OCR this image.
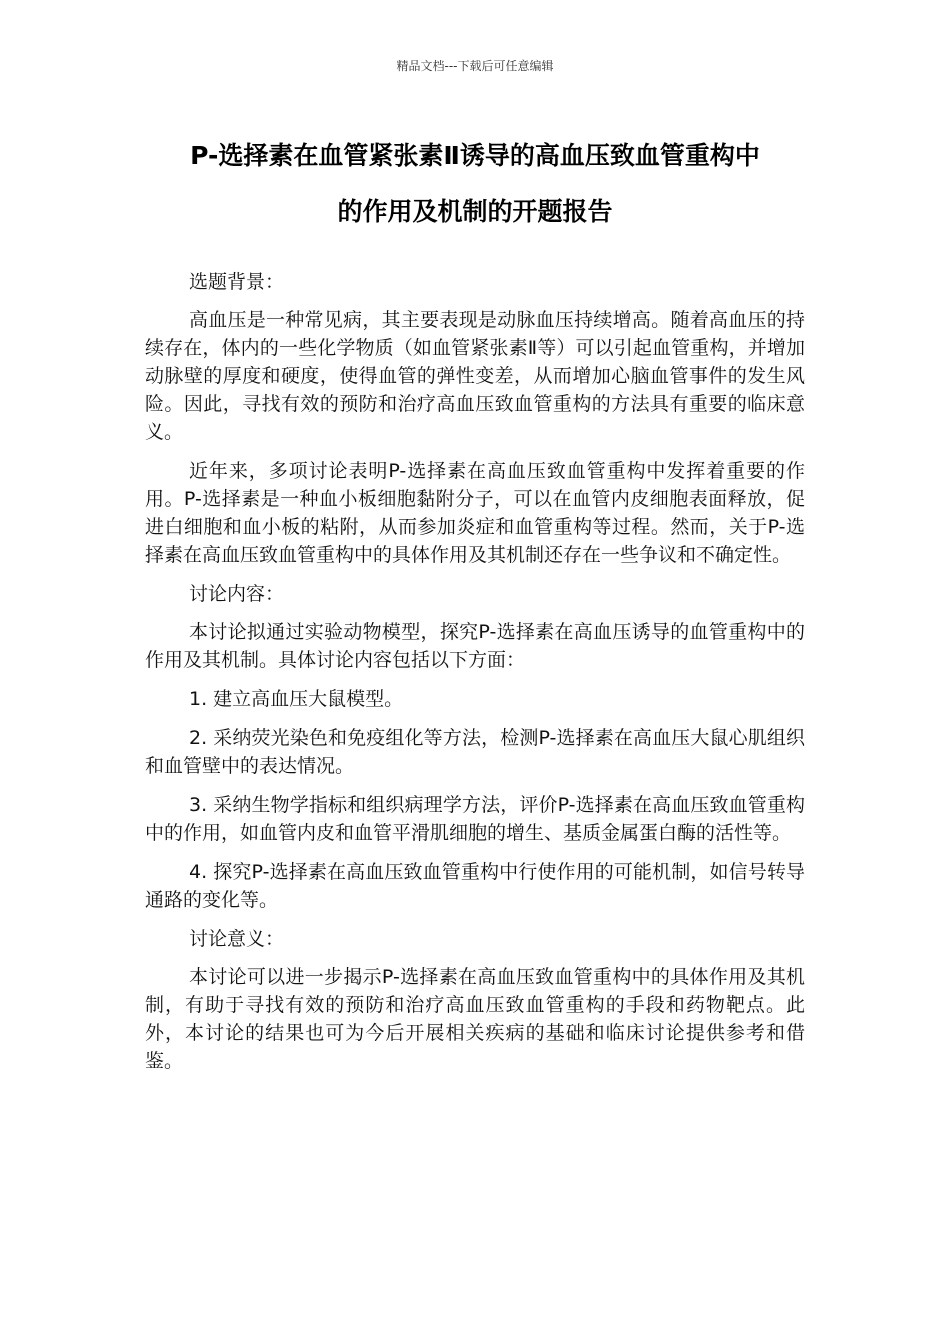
精品文档---下载后可任意编辑
P-选择素在血管紧张素Ⅱ诱导的高血压致血管重构中
的作用及机制的开题报告

选题背景：

高血压是一种常见病，其主要表现是动脉血压持续增高。随着高血压的持续存在，体内的一些化学物质（如血管紧张素Ⅱ等）可以引起血管重构，并增加动脉壁的厚度和硬度，使得血管的弹性变差，从而增加心脑血管事件的发生风险。因此，寻找有效的预防和治疗高血压致血管重构的方法具有重要的临床意义。

近年来，多项讨论表明P-选择素在高血压致血管重构中发挥着重要的作用。P-选择素是一种血小板细胞黏附分子，可以在血管内皮细胞表面释放，促进白细胞和血小板的粘附，从而参加炎症和血管重构等过程。然而，关于P-选择素在高血压致血管重构中的具体作用及其机制还存在一些争议和不确定性。

讨论内容：

本讨论拟通过实验动物模型，探究P-选择素在高血压诱导的血管重构中的作用及其机制。具体讨论内容包括以下方面：

1. 建立高血压大鼠模型。

2. 采纳荧光染色和免疫组化等方法，检测P-选择素在高血压大鼠心肌组织和血管壁中的表达情况。

3. 采纳生物学指标和组织病理学方法，评价P-选择素在高血压致血管重构中的作用，如血管内皮和血管平滑肌细胞的增生、基质金属蛋白酶的活性等。

4. 探究P-选择素在高血压致血管重构中行使作用的可能机制，如信号转导通路的变化等。

讨论意义：

本讨论可以进一步揭示P-选择素在高血压致血管重构中的具体作用及其机制，有助于寻找有效的预防和治疗高血压致血管重构的手段和药物靶点。此外，本讨论的结果也可为今后开展相关疾病的基础和临床讨论提供参考和借鉴。
